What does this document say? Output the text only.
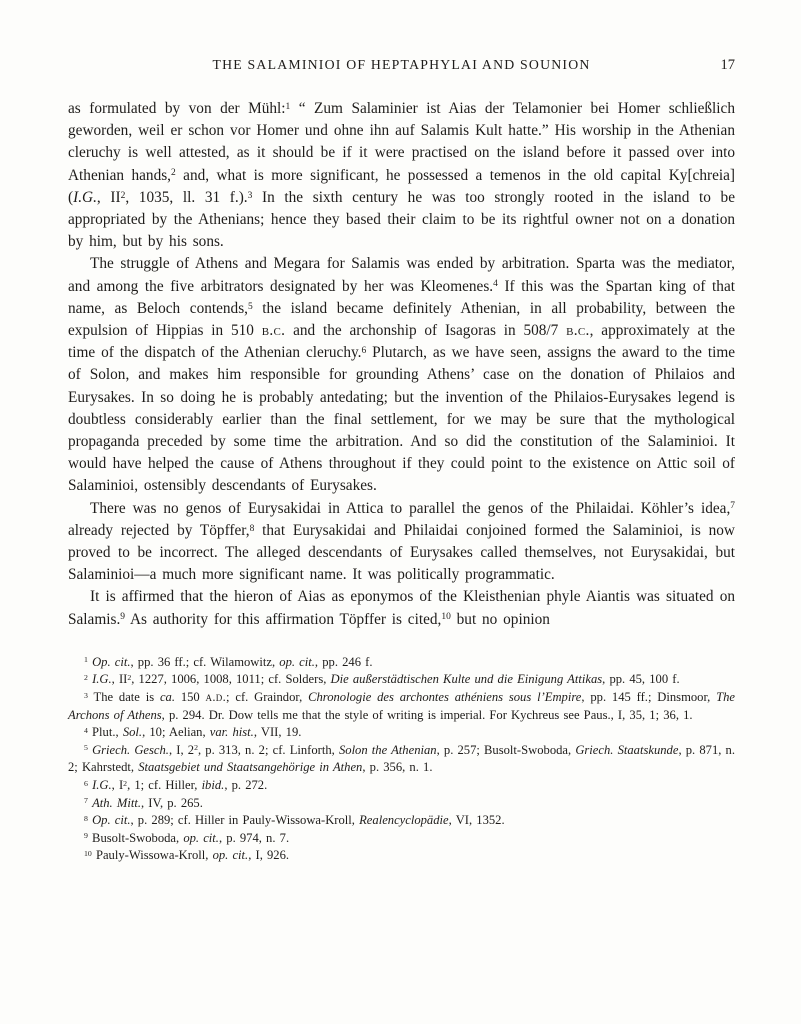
THE SALAMINIOI OF HEPTAPHYLAI AND SOUNION	17

as formulated by von der Mühl:$^1$ “ Zum Salaminier ist Aias der Telamonier bei Homer schließlich geworden, weil er schon vor Homer und ohne ihn auf Salamis Kult hatte.” His worship in the Athenian cleruchy is well attested, as it should be if it were practised on the island before it passed over into Athenian hands,$^2$ and, what is more significant, he possessed a temenos in the old capital Ky[chreia] (I.G., $II^2$, 1035, ll. 31 f.).$^3$ In the sixth century he was too strongly rooted in the island to be appropriated by the Athenians; hence they based their claim to be its rightful owner not on a donation by him, but by his sons.

The struggle of Athens and Megara for Salamis was ended by arbitration. Sparta was the mediator, and among the five arbitrators designated by her was Kleomenes.$^4$ If this was the Spartan king of that name, as Beloch contends,$^5$ the island became definitely Athenian, in all probability, between the expulsion of Hippias in 510 b.c. and the archonship of Isagoras in 508/7 b.c., approximately at the time of the dispatch of the Athenian cleruchy.$^6$ Plutarch, as we have seen, assigns the award to the time of Solon, and makes him responsible for grounding Athens’ case on the donation of Philaios and Eurysakes. In so doing he is probably antedating; but the invention of the Philaios-Eurysakes legend is doubtless considerably earlier than the final settlement, for we may be sure that the mythological propaganda preceded by some time the arbitration. And so did the constitution of the Salaminioi. It would have helped the cause of Athens throughout if they could point to the existence on Attic soil of Salaminioi, ostensibly descendants of Eurysakes.

There was no genos of Eurysakidai in Attica to parallel the genos of the Philaidai. Köhler’s idea,$^7$ already rejected by Töpffer,$^8$ that Eurysakidai and Philaidai conjoined formed the Salaminioi, is now proved to be incorrect. The alleged descendants of Eurysakes called themselves, not Eurysakidai, but Salaminioi—a much more significant name. It was politically programmatic.

It is affirmed that the hieron of Aias as eponymos of the Kleisthenian phyle Aiantis was situated on Salamis.$^9$ As authority for this affirmation Töpffer is cited,$^{10}$ but no opinion

$^1$ Op. cit., pp. 36 ff.; cf. Wilamowitz, op. cit., pp. 246 f.

$^2$ I.G., $II^2$, 1227, 1006, 1008, 1011; cf. Solders, Die außerstädtischen Kulte und die Einigung Attikas, pp. 45, 100 f.

$^3$ The date is ca. 150 a.d.; cf. Graindor, Chronologie des archontes athéniens sous l’Empire, pp. 145 ff.; Dinsmoor, The Archons of Athens, p. 294. Dr. Dow tells me that the style of writing is imperial. For Kychreus see Paus., I, 35, 1; 36, 1.

$^4$ Plut., Sol., 10; Aelian, var. hist., VII, 19.

$^5$ Griech. Gesch., I, $2^2$, p. 313, n. 2; cf. Linforth, Solon the Athenian, p. 257; Busolt-Swoboda, Griech. Staatskunde, p. 871, n. 2; Kahrstedt, Staatsgebiet und Staatsangehörige in Athen, p. 356, n. 1.

$^6$ I.G., $I^2$, 1; cf. Hiller, ibid., p. 272.

$^7$ Ath. Mitt., IV, p. 265.

$^8$ Op. cit., p. 289; cf. Hiller in Pauly-Wissowa-Kroll, Realencyclopädie, VI, 1352.

$^9$ Busolt-Swoboda, op. cit., p. 974, n. 7.

$^{10}$ Pauly-Wissowa-Kroll, op. cit., I, 926.
